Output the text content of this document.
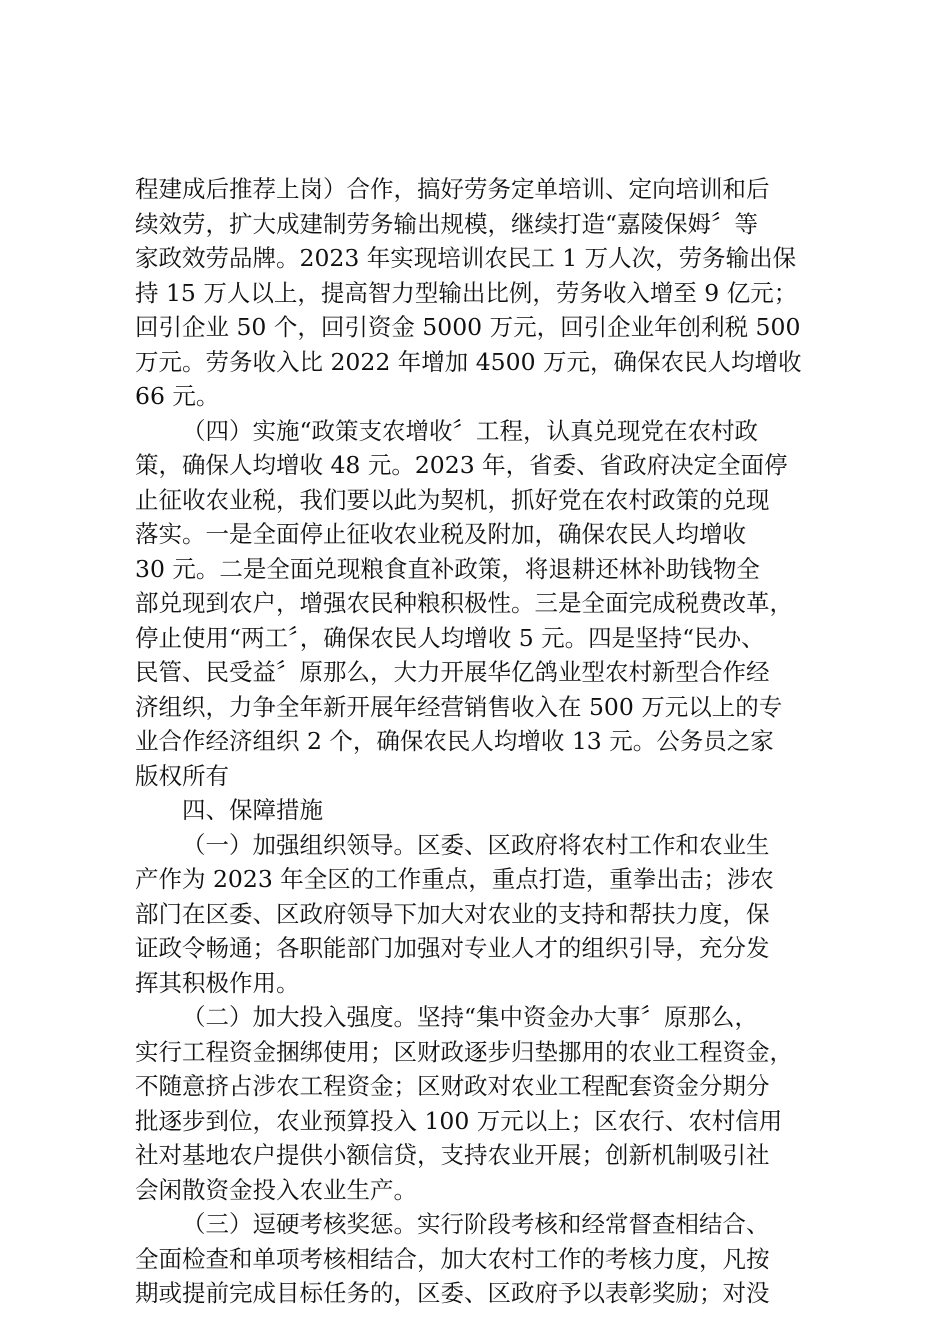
程建成后推荐上岗）合作，搞好劳务定单培训、定向培训和后
续效劳，扩大成建制劳务输出规模，继续打造“嘉陵保姆〞等
家政效劳品牌。2023 年实现培训农民工 1 万人次，劳务输出保
持 15 万人以上，提高智力型输出比例，劳务收入增至 9 亿元；
回引企业 50 个，回引资金 5000 万元，回引企业年创利税 500
万元。劳务收入比 2022 年增加 4500 万元，确保农民人均增收
66 元。
（四）实施“政策支农增收〞工程，认真兑现党在农村政
策，确保人均增收 48 元。2023 年，省委、省政府决定全面停
止征收农业税，我们要以此为契机，抓好党在农村政策的兑现
落实。一是全面停止征收农业税及附加，确保农民人均增收
30 元。二是全面兑现粮食直补政策，将退耕还林补助钱物全
部兑现到农户，增强农民种粮积极性。三是全面完成税费改革，
停止使用“两工〞，确保农民人均增收 5 元。四是坚持“民办、
民管、民受益〞原那么，大力开展华亿鸽业型农村新型合作经
济组织，力争全年新开展年经营销售收入在 500 万元以上的专
业合作经济组织 2 个，确保农民人均增收 13 元。公务员之家
版权所有
四、保障措施
（一）加强组织领导。区委、区政府将农村工作和农业生
产作为 2023 年全区的工作重点，重点打造，重拳出击；涉农
部门在区委、区政府领导下加大对农业的支持和帮扶力度，保
证政令畅通；各职能部门加强对专业人才的组织引导，充分发
挥其积极作用。
（二）加大投入强度。坚持“集中资金办大事〞原那么，
实行工程资金捆绑使用；区财政逐步归垫挪用的农业工程资金，
不随意挤占涉农工程资金；区财政对农业工程配套资金分期分
批逐步到位，农业预算投入 100 万元以上；区农行、农村信用
社对基地农户提供小额信贷，支持农业开展；创新机制吸引社
会闲散资金投入农业生产。
（三）逗硬考核奖惩。实行阶段考核和经常督查相结合、
全面检查和单项考核相结合，加大农村工作的考核力度，凡按
期或提前完成目标任务的，区委、区政府予以表彰奖励；对没
